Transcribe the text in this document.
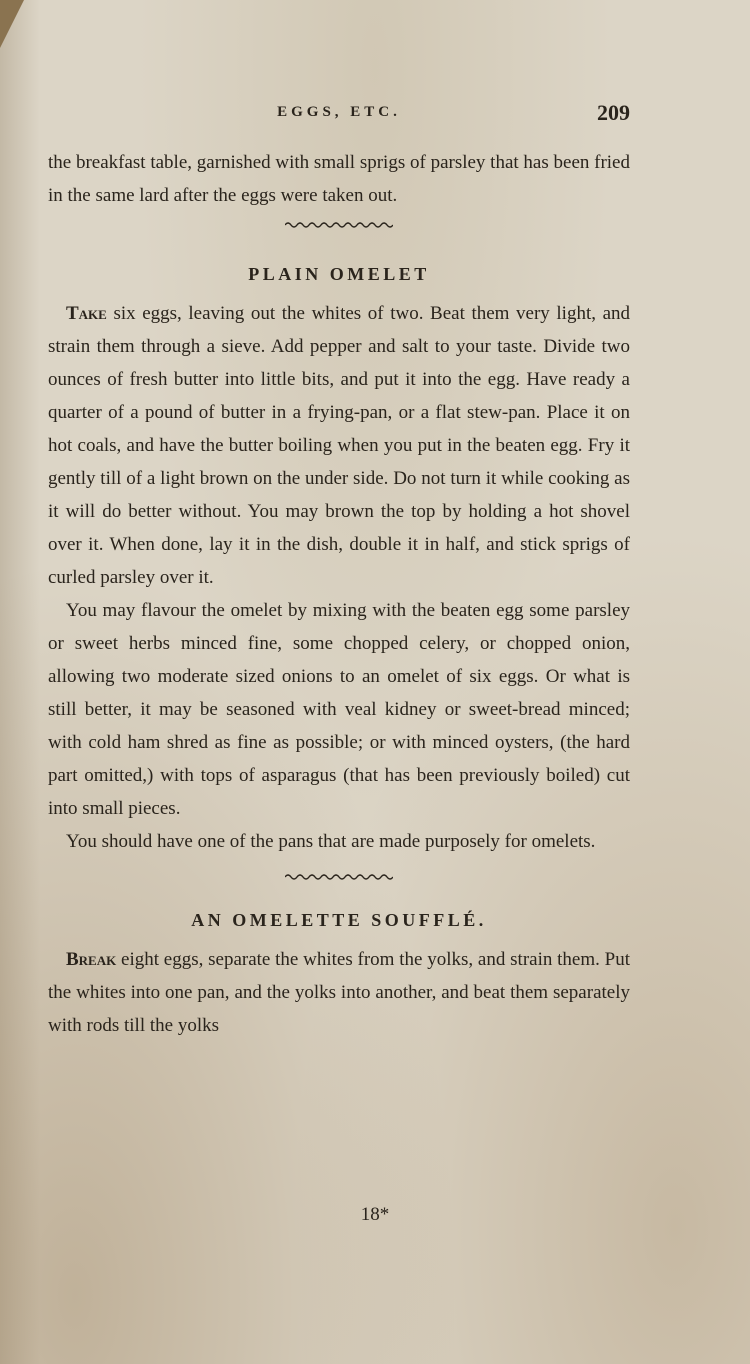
EGGS, ETC.	209

the breakfast table, garnished with small sprigs of parsley that has been fried in the same lard after the eggs were taken out.

PLAIN OMELET

Take six eggs, leaving out the whites of two. Beat them very light, and strain them through a sieve. Add pepper and salt to your taste. Divide two ounces of fresh butter into little bits, and put it into the egg. Have ready a quarter of a pound of butter in a frying-pan, or a flat stew-pan. Place it on hot coals, and have the butter boiling when you put in the beaten egg. Fry it gently till of a light brown on the under side. Do not turn it while cooking as it will do better without. You may brown the top by holding a hot shovel over it. When done, lay it in the dish, double it in half, and stick sprigs of curled parsley over it.

You may flavour the omelet by mixing with the beaten egg some parsley or sweet herbs minced fine, some chopped celery, or chopped onion, allowing two moderate sized onions to an omelet of six eggs. Or what is still better, it may be seasoned with veal kidney or sweet-bread minced; with cold ham shred as fine as possible; or with minced oysters, (the hard part omitted,) with tops of asparagus (that has been previously boiled) cut into small pieces.

You should have one of the pans that are made purposely for omelets.

AN OMELETTE SOUFFLÉ.

Break eight eggs, separate the whites from the yolks, and strain them. Put the whites into one pan, and the yolks into another, and beat them separately with rods till the yolks

18*
